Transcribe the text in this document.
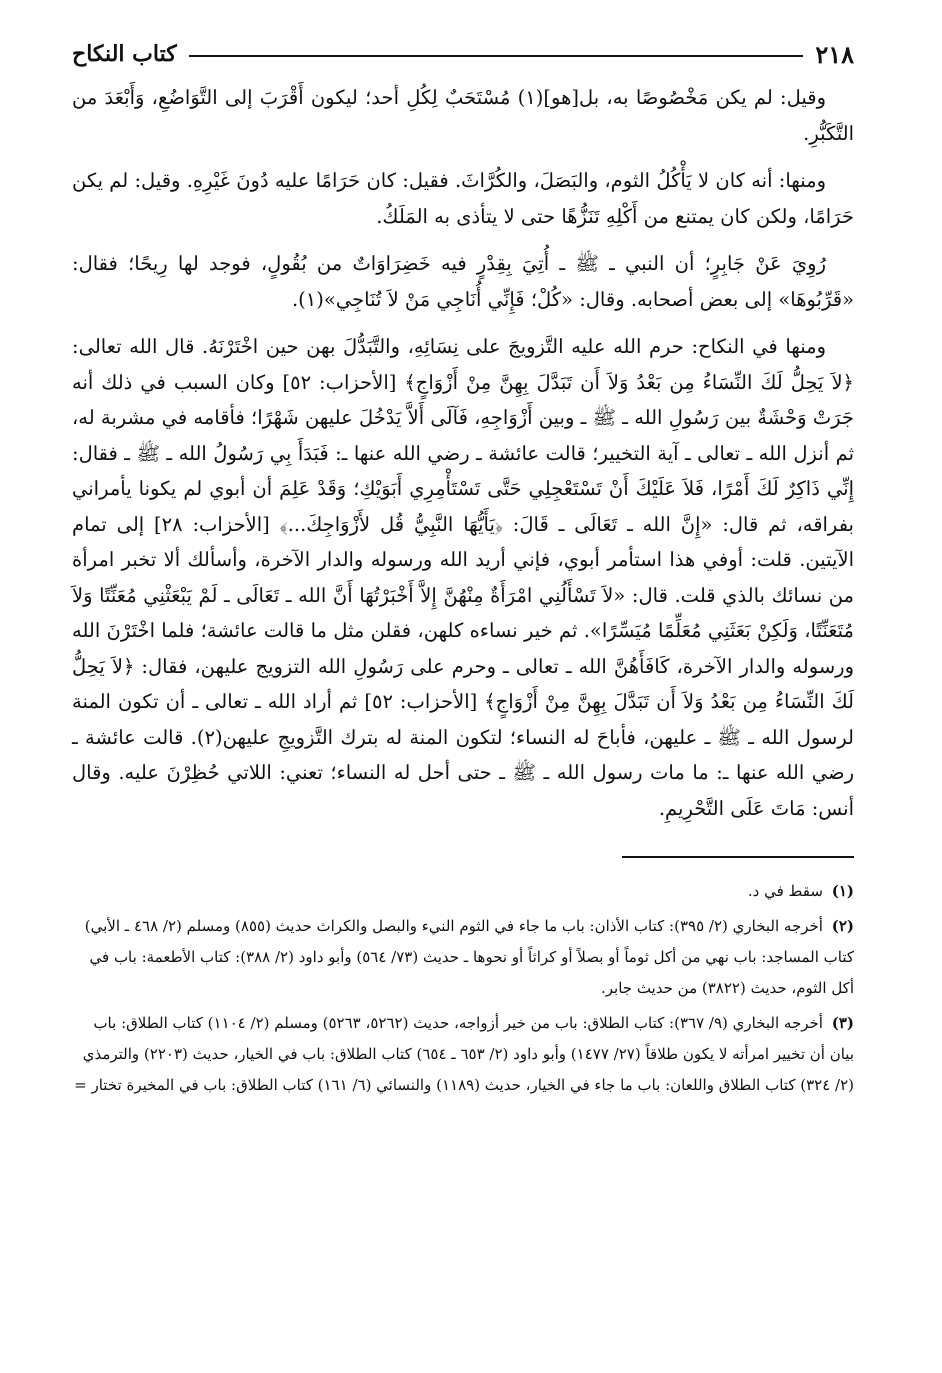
٢١٨
كتاب النكاح

وقيل: لم يكن مَخْصُوصًا به، بل[هو](١) مُسْتَحَبٌ لِكُلِ أحد؛ ليكون أَقْرَبَ إلى التَّوَاضُعِ، وَأَبْعَدَ من التَّكَبُّرِ.

ومنها: أنه كان لا يَأْكُلُ الثوم، والبَصَلَ، والكُرَّاثَ. فقيل: كان حَرَامًا عليه دُونَ غَيْرِهِ. وقيل: لم يكن حَرَامًا، ولكن كان يمتنع من أَكْلِهِ تَنَزُّهًا حتى لا يتأذى به المَلَكُ.

رُوِيَ عَنْ جَابِرٍ؛ أن النبي ـ ﷺ ـ أُتِيَ بِقِدْرٍ فيه خَضِرَاوَاتٌ من بُقُولٍ، فوجد لها رِيحًا؛ فقال: «قَرِّبُوهَا» إلى بعض أصحابه. وقال: «كُلْ؛ فَإِنِّي أُنَاجِي مَنْ لاَ تُنَاجِي»(١).

ومنها في النكاح: حرم الله عليه التَّزويجَ على نِسَائِهِ، والتَّبَدُّلَ بهن حين اخْتَرْنَهُ. قال الله تعالى: ﴿لاَ يَحِلُّ لَكَ النِّسَاءُ مِن بَعْدُ وَلاَ أَن تَبَدَّلَ بِهِنَّ مِنْ أَزْوَاجٍ﴾ [الأحزاب: ٥٢] وكان السبب في ذلك أنه جَرَتْ وَحْشَةٌ بين رَسُولِ الله ـ ﷺ ـ وبين أَزْوَاجِهِ، فَآلَى أَلاَّ يَدْخُلَ عليهن شَهْرًا؛ فأقامه في مشربة له، ثم أنزل الله ـ تعالى ـ آية التخيير؛ قالت عائشة ـ رضي الله عنها ـ: فَبَدَأَ بِي رَسُولُ الله ـ ﷺ ـ فقال: إِنِّي ذَاكِرٌ لَكَ أَمْرًا، فَلاَ عَلَيْكَ أَنْ تَسْتَعْجِلِي حَتَّى تَسْتَأْمِرِي أَبَوَيْكِ؛ وَقَدْ عَلِمَ أن أبوي لم يكونا يأمراني بفراقه، ثم قال: «إِنَّ الله ـ تَعَالَى ـ قَالَ: ﴿يَأَيُّهَا النَّبِيُّ قُل لأَزْوَاجِكَ...﴾ [الأحزاب: ٢٨] إلى تمام الآيتين. قلت: أوفي هذا استأمر أبوي، فإني أريد الله ورسوله والدار الآخرة، وأسألك ألا تخبر امرأة من نسائك بالذي قلت. قال: «لاَ تَسْأَلُنِي امْرَأَةٌ مِنْهُنَّ إِلاَّ أَخْبَرْتُهَا أَنَّ الله ـ تَعَالَى ـ لَمْ يَبْعَثْنِي مُعَنِّتًا وَلاَ مُتَعَنِّتًا، وَلَكِنْ بَعَثَنِي مُعَلِّمًا مُيَسِّرًا». ثم خير نساءه كلهن، فقلن مثل ما قالت عائشة؛ فلما اخْتَرْنَ الله ورسوله والدار الآخرة، كَافَأَهُنَّ الله ـ تعالى ـ وحرم على رَسُولِ الله التزويج عليهن، فقال: ﴿لاَ يَحِلُّ لَكَ النِّسَاءُ مِن بَعْدُ وَلاَ أَن تَبَدَّلَ بِهِنَّ مِنْ أَزْوَاجٍ﴾ [الأحزاب: ٥٢] ثم أراد الله ـ تعالى ـ أن تكون المنة لرسول الله ـ ﷺ ـ عليهن، فأباحَ له النساء؛ لتكون المنة له بترك التَّزويجِ عليهن(٢). قالت عائشة ـ رضي الله عنها ـ: ما مات رسول الله ـ ﷺ ـ حتى أحل له النساء؛ تعني: اللاتي حُظِرْنَ عليه. وقال أنس: مَاتَ عَلَى التَّحْرِيمِ.

(١) سقط في د.

(٢) أخرجه البخاري (٢/ ٣٩٥): كتاب الأذان: باب ما جاء في الثوم النيء والبصل والكراث حديث (٨٥٥) ومسلم (٢/ ٤٦٨ ـ الأبي) كتاب المساجد: باب نهي من أكل ثوماً أو بصلاً أو كراثاً أو نحوها ـ حديث (٧٣/ ٥٦٤) وأبو داود (٢/ ٣٨٨): كتاب الأطعمة: باب في أكل الثوم، حديث (٣٨٢٢) من حديث جابر.

(٣) أخرجه البخاري (٩/ ٣٦٧): كتاب الطلاق: باب من خير أزواجه، حديث (٥٢٦٢، ٥٢٦٣) ومسلم (٢/ ١١٠٤) كتاب الطلاق: باب بيان أن تخيير امرأته لا يكون طلاقاً (٢٧/ ١٤٧٧) وأبو داود (٢/ ٦٥٣ ـ ٦٥٤) كتاب الطلاق: باب في الخيار، حديث (٢٢٠٣) والترمذي (٢/ ٣٢٤) كتاب الطلاق واللعان: باب ما جاء في الخيار، حديث (١١٨٩) والنسائي (٦/ ١٦١) كتاب الطلاق: باب في المخيرة تختار =
